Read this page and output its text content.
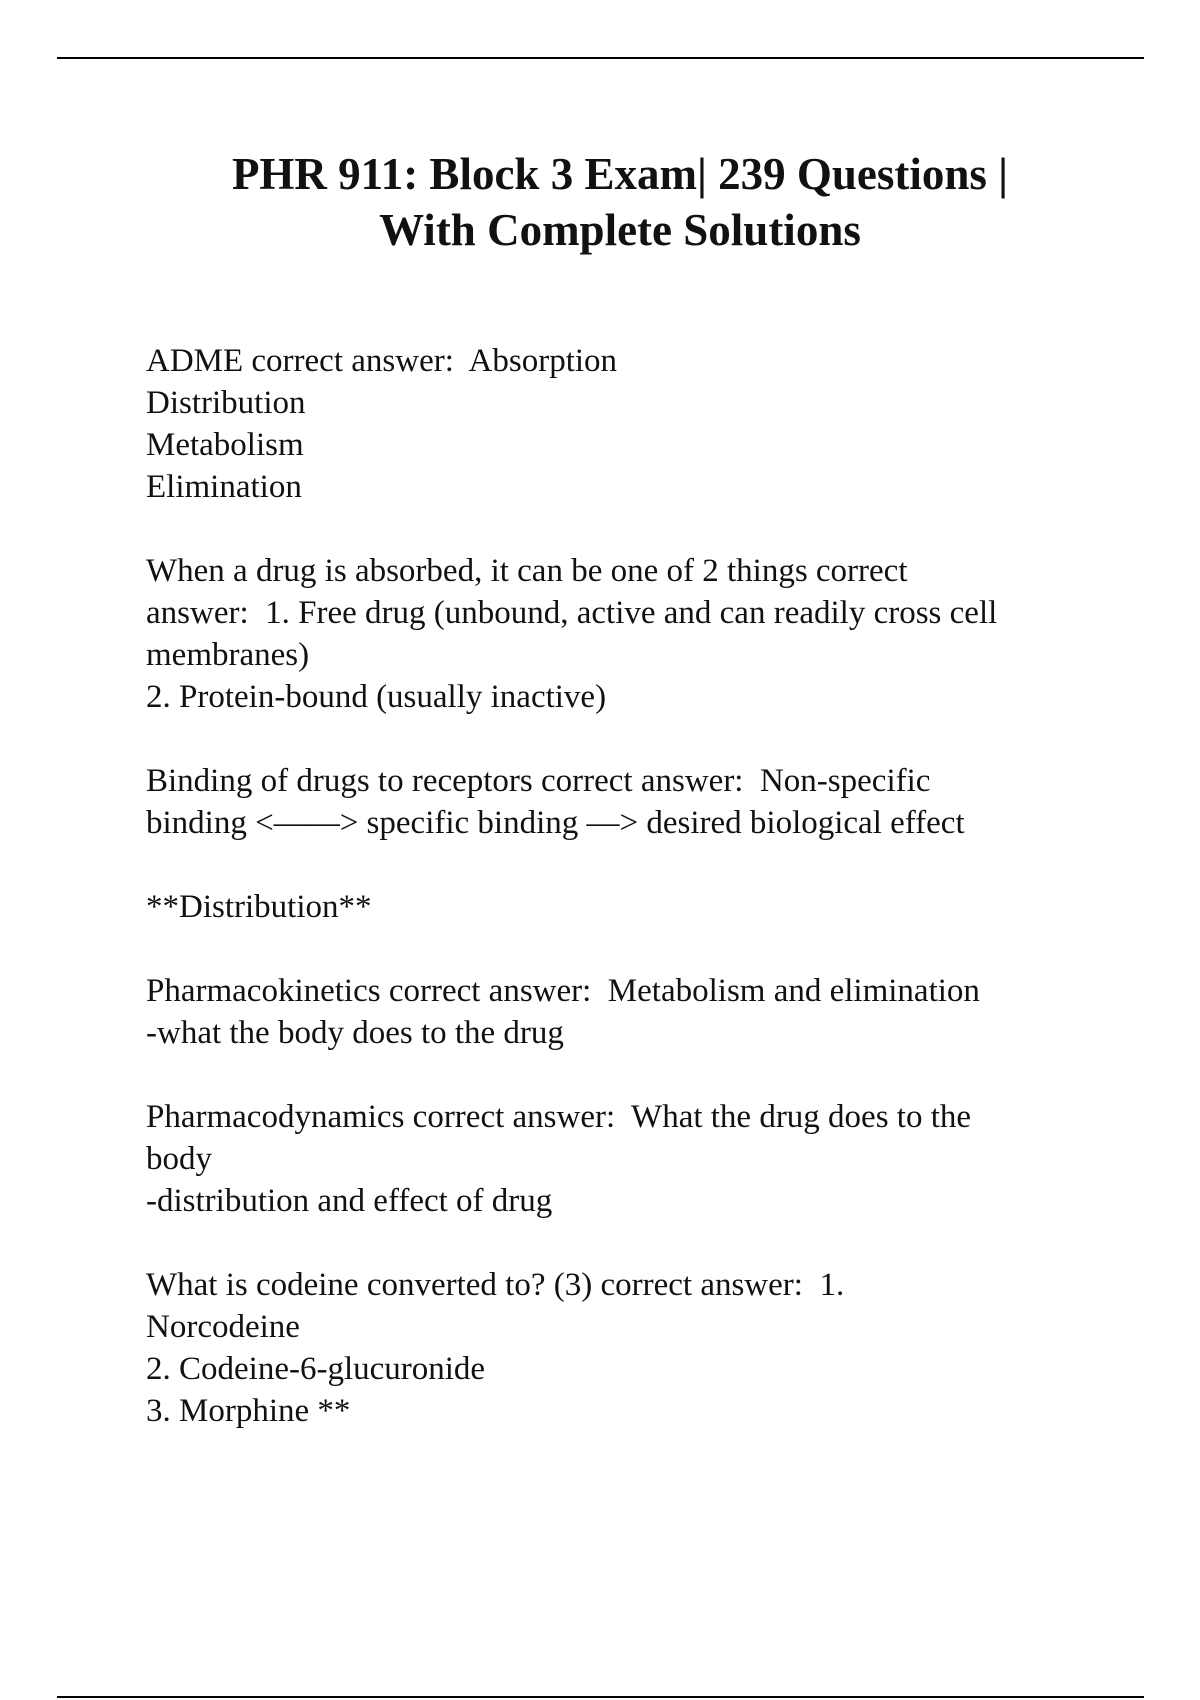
PHR 911: Block 3 Exam| 239 Questions |
With Complete Solutions
ADME correct answer:  Absorption
Distribution
Metabolism
Elimination
When a drug is absorbed, it can be one of 2 things correct
answer:  1. Free drug (unbound, active and can readily cross cell
membranes)
2. Protein-bound (usually inactive)
Binding of drugs to receptors correct answer:  Non-specific
binding <——> specific binding —> desired biological effect
**Distribution**
Pharmacokinetics correct answer:  Metabolism and elimination
-what the body does to the drug
Pharmacodynamics correct answer:  What the drug does to the
body
-distribution and effect of drug
What is codeine converted to? (3) correct answer:  1.
Norcodeine
2. Codeine-6-glucuronide
3. Morphine **
